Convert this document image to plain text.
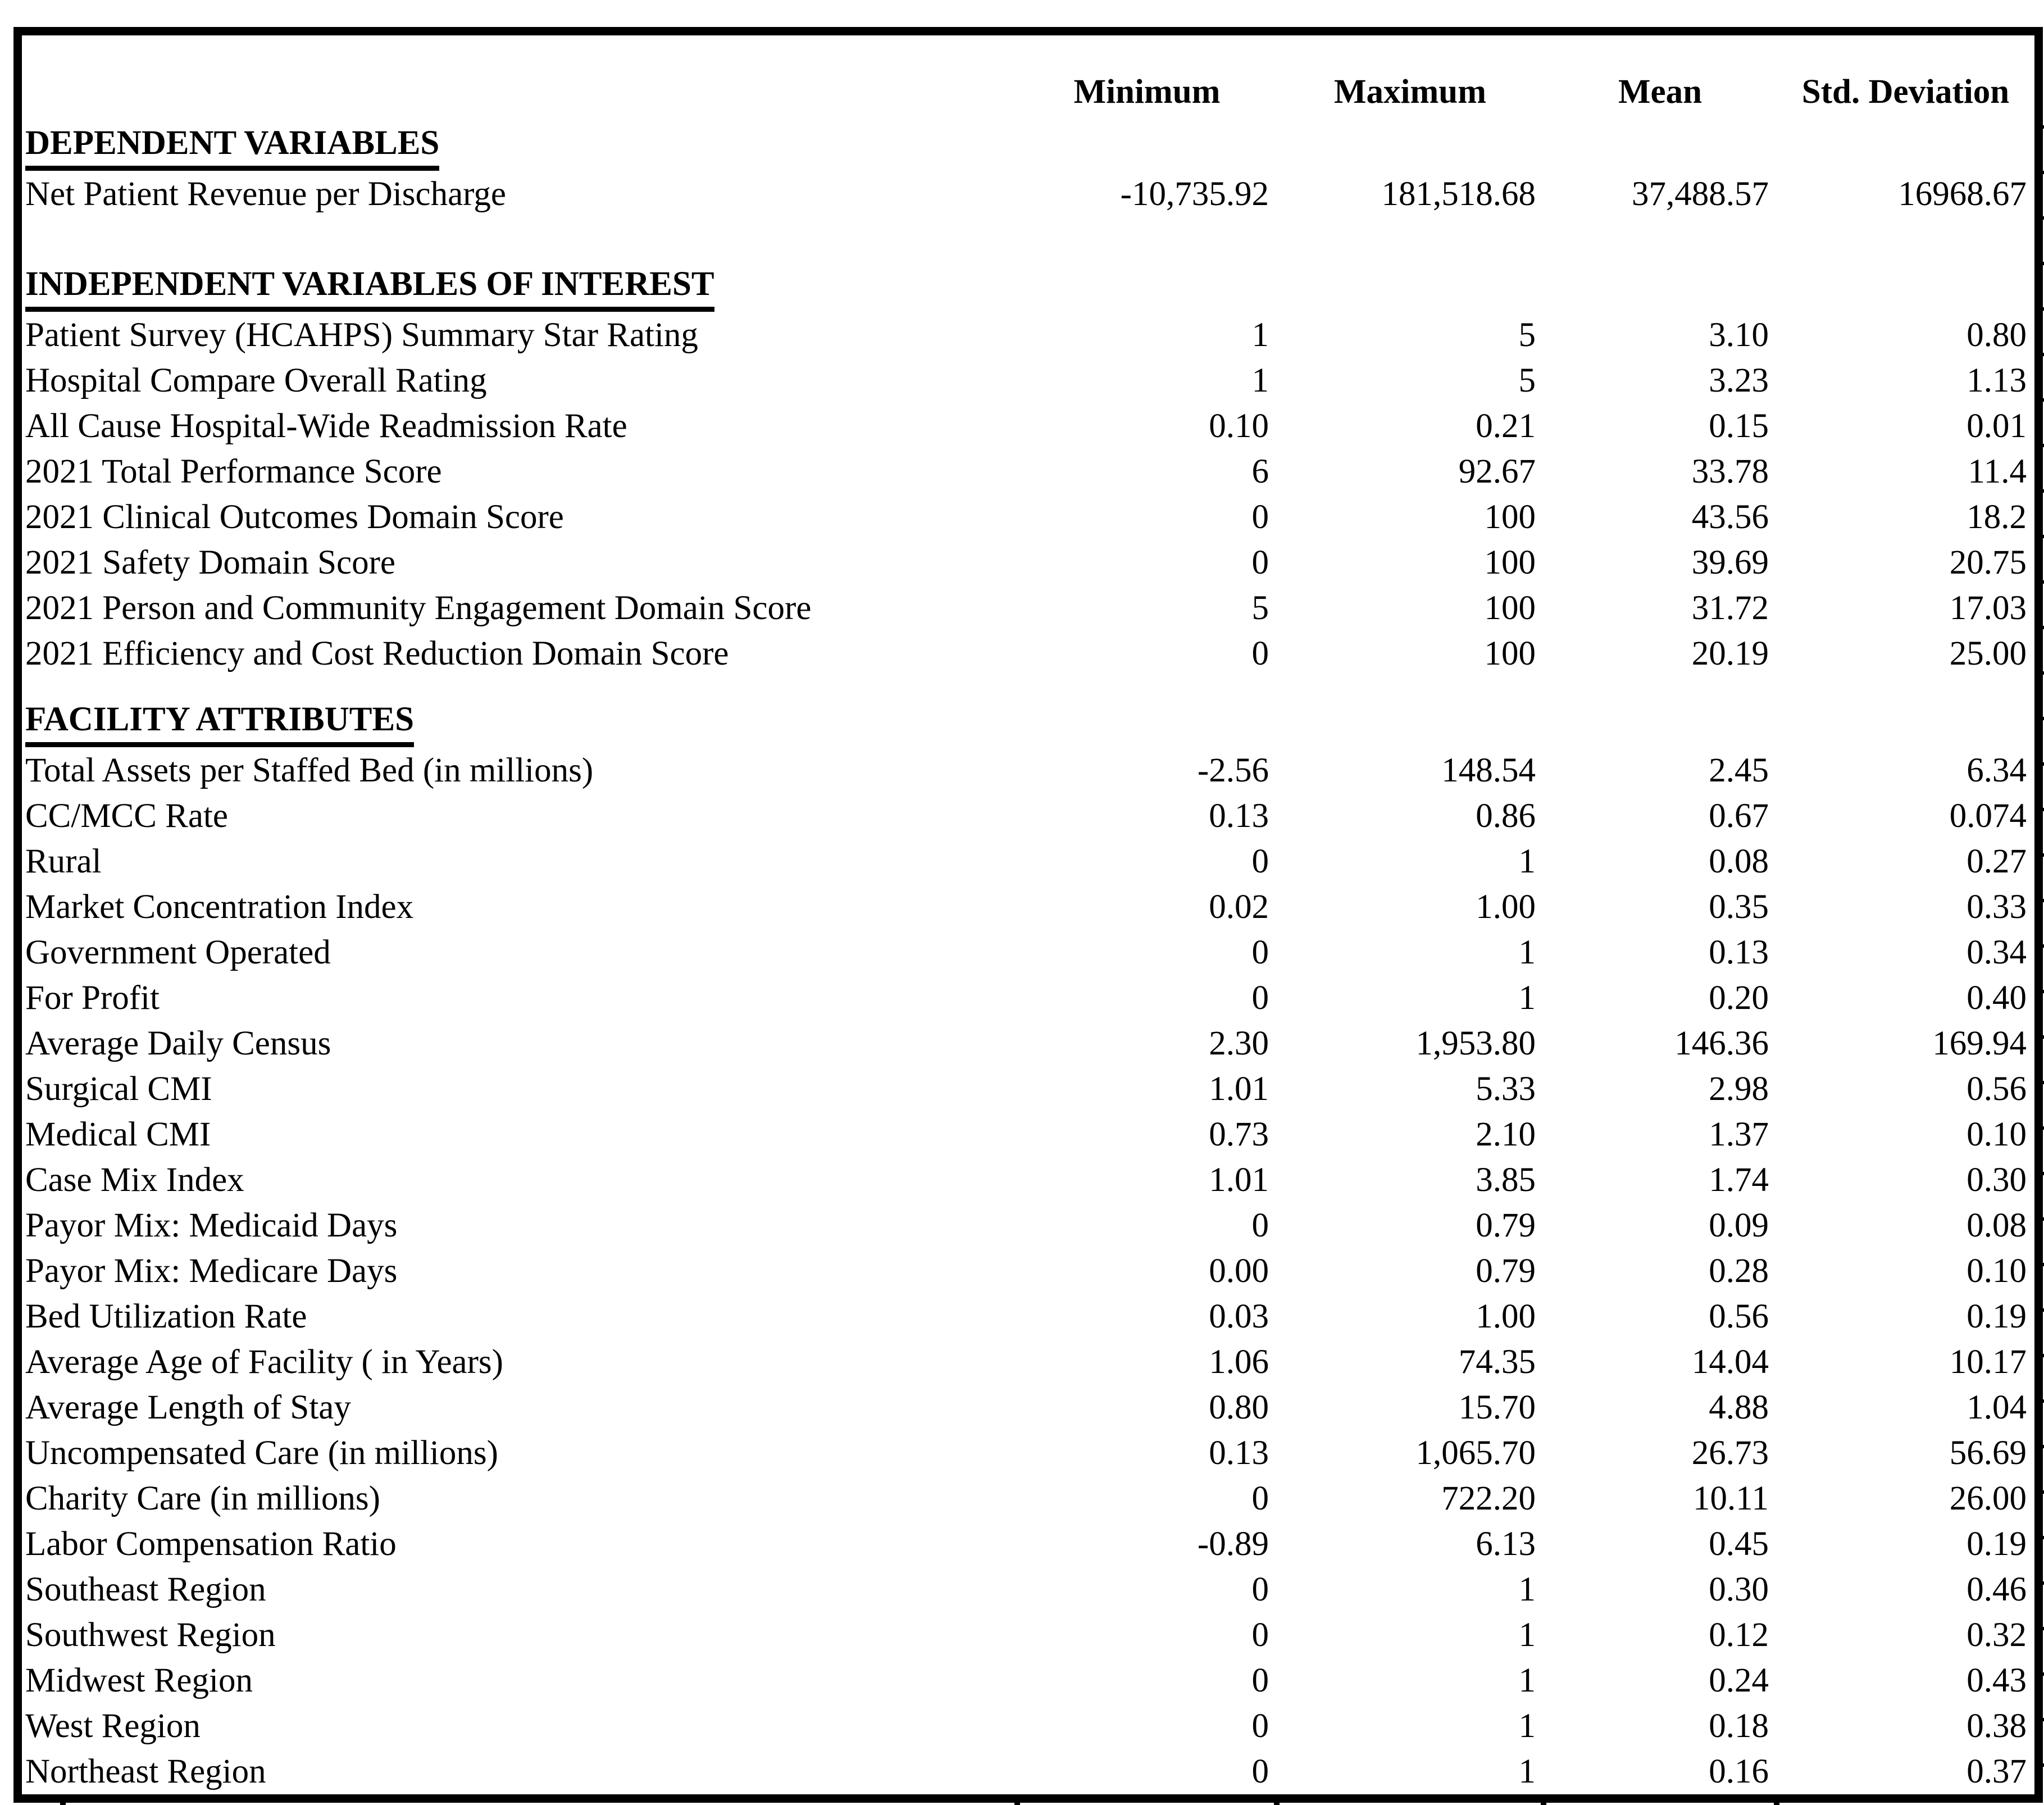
Minimum	Maximum	Mean	Std. Deviation
DEPENDENT VARIABLES
Net Patient Revenue per Discharge	-10,735.92	181,518.68	37,488.57	16968.67
INDEPENDENT VARIABLES OF INTEREST
Patient Survey (HCAHPS) Summary Star Rating	1	5	3.10	0.80
Hospital Compare Overall Rating	1	5	3.23	1.13
All Cause Hospital-Wide Readmission Rate	0.10	0.21	0.15	0.01
2021 Total Performance Score	6	92.67	33.78	11.4
2021 Clinical Outcomes Domain Score	0	100	43.56	18.2
2021 Safety Domain Score	0	100	39.69	20.75
2021 Person and Community Engagement Domain Score	5	100	31.72	17.03
2021 Efficiency and Cost Reduction Domain Score	0	100	20.19	25.00
FACILITY ATTRIBUTES
Total Assets per Staffed Bed (in millions)	-2.56	148.54	2.45	6.34
CC/MCC Rate	0.13	0.86	0.67	0.074
Rural	0	1	0.08	0.27
Market Concentration Index	0.02	1.00	0.35	0.33
Government Operated	0	1	0.13	0.34
For Profit	0	1	0.20	0.40
Average Daily Census	2.30	1,953.80	146.36	169.94
Surgical CMI	1.01	5.33	2.98	0.56
Medical CMI	0.73	2.10	1.37	0.10
Case Mix Index	1.01	3.85	1.74	0.30
Payor Mix: Medicaid Days	0	0.79	0.09	0.08
Payor Mix: Medicare Days	0.00	0.79	0.28	0.10
Bed Utilization Rate	0.03	1.00	0.56	0.19
Average Age of Facility ( in Years)	1.06	74.35	14.04	10.17
Average Length of Stay	0.80	15.70	4.88	1.04
Uncompensated Care (in millions)	0.13	1,065.70	26.73	56.69
Charity Care (in millions)	0	722.20	10.11	26.00
Labor Compensation Ratio	-0.89	6.13	0.45	0.19
Southeast Region	0	1	0.30	0.46
Southwest Region	0	1	0.12	0.32
Midwest Region	0	1	0.24	0.43
West Region	0	1	0.18	0.38
Northeast Region	0	1	0.16	0.37
